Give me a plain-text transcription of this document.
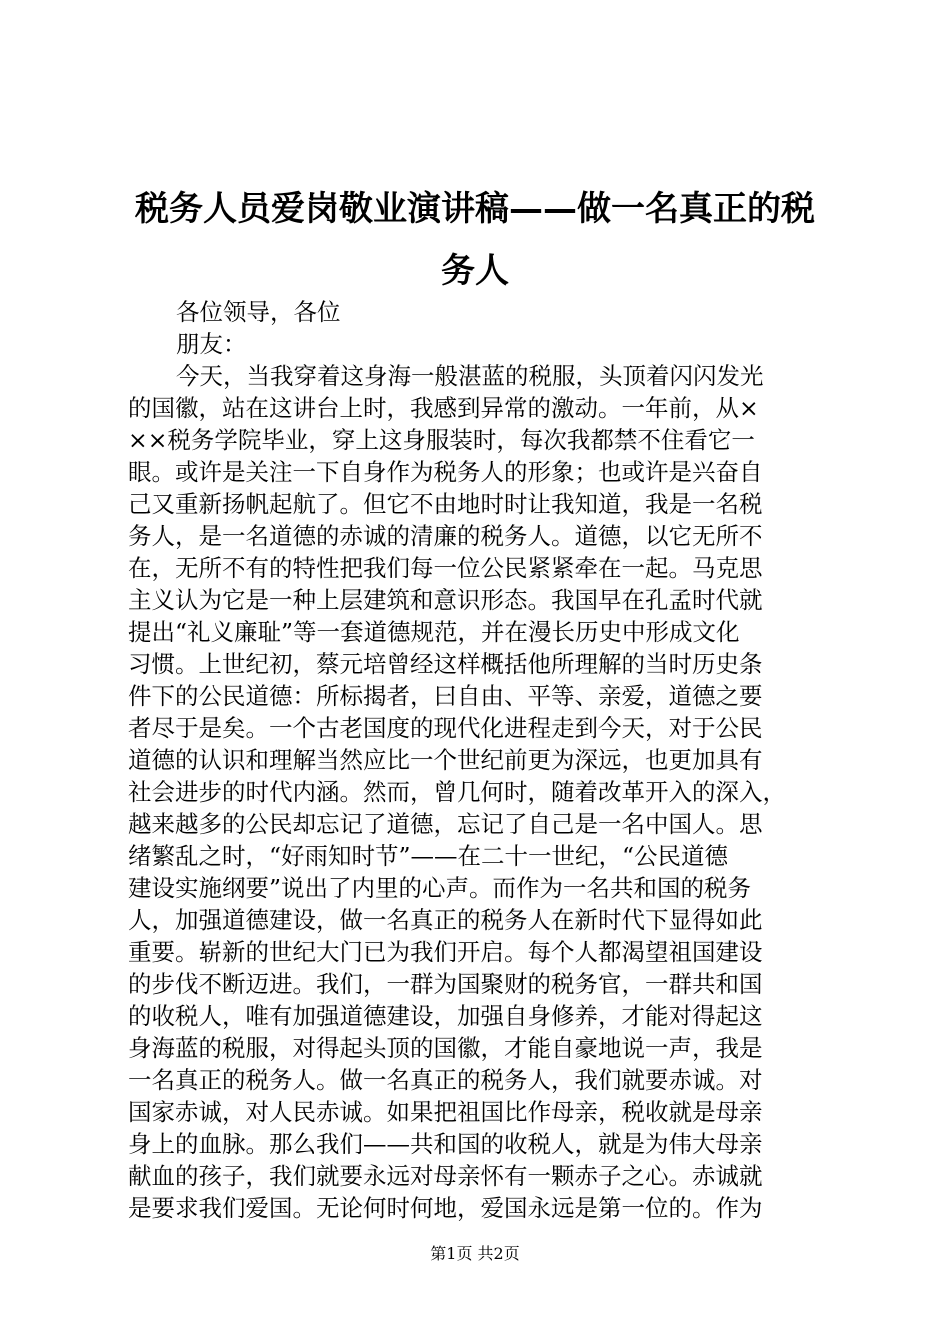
税务人员爱岗敬业演讲稿——做一名真正的税务人
各位领导，各位
朋友：
今天，当我穿着这身海一般湛蓝的税服，头顶着闪闪发光
的国徽，站在这讲台上时，我感到异常的激动。一年前，从×
××税务学院毕业，穿上这身服装时，每次我都禁不住看它一
眼。或许是关注一下自身作为税务人的形象；也或许是兴奋自
己又重新扬帆起航了。但它不由地时时让我知道，我是一名税
务人，是一名道德的赤诚的清廉的税务人。道德，以它无所不
在，无所不有的特性把我们每一位公民紧紧牵在一起。马克思
主义认为它是一种上层建筑和意识形态。我国早在孔孟时代就
提出“礼义廉耻”等一套道德规范，并在漫长历史中形成文化
习惯。上世纪初，蔡元培曾经这样概括他所理解的当时历史条
件下的公民道德：所标揭者，曰自由、平等、亲爱，道德之要
者尽于是矣。一个古老国度的现代化进程走到今天，对于公民
道德的认识和理解当然应比一个世纪前更为深远，也更加具有
社会进步的时代内涵。然而，曾几何时，随着改革开入的深入，
越来越多的公民却忘记了道德，忘记了自己是一名中国人。思
绪繁乱之时，“好雨知时节”——在二十一世纪，“公民道德
建设实施纲要”说出了内里的心声。而作为一名共和国的税务
人，加强道德建设，做一名真正的税务人在新时代下显得如此
重要。崭新的世纪大门已为我们开启。每个人都渴望祖国建设
的步伐不断迈进。我们，一群为国聚财的税务官，一群共和国
的收税人，唯有加强道德建设，加强自身修养，才能对得起这
身海蓝的税服，对得起头顶的国徽，才能自豪地说一声，我是
一名真正的税务人。做一名真正的税务人，我们就要赤诚。对
国家赤诚，对人民赤诚。如果把祖国比作母亲，税收就是母亲
身上的血脉。那么我们——共和国的收税人，就是为伟大母亲
献血的孩子，我们就要永远对母亲怀有一颗赤子之心。赤诚就
是要求我们爱国。无论何时何地，爱国永远是第一位的。作为
第1页 共2页
